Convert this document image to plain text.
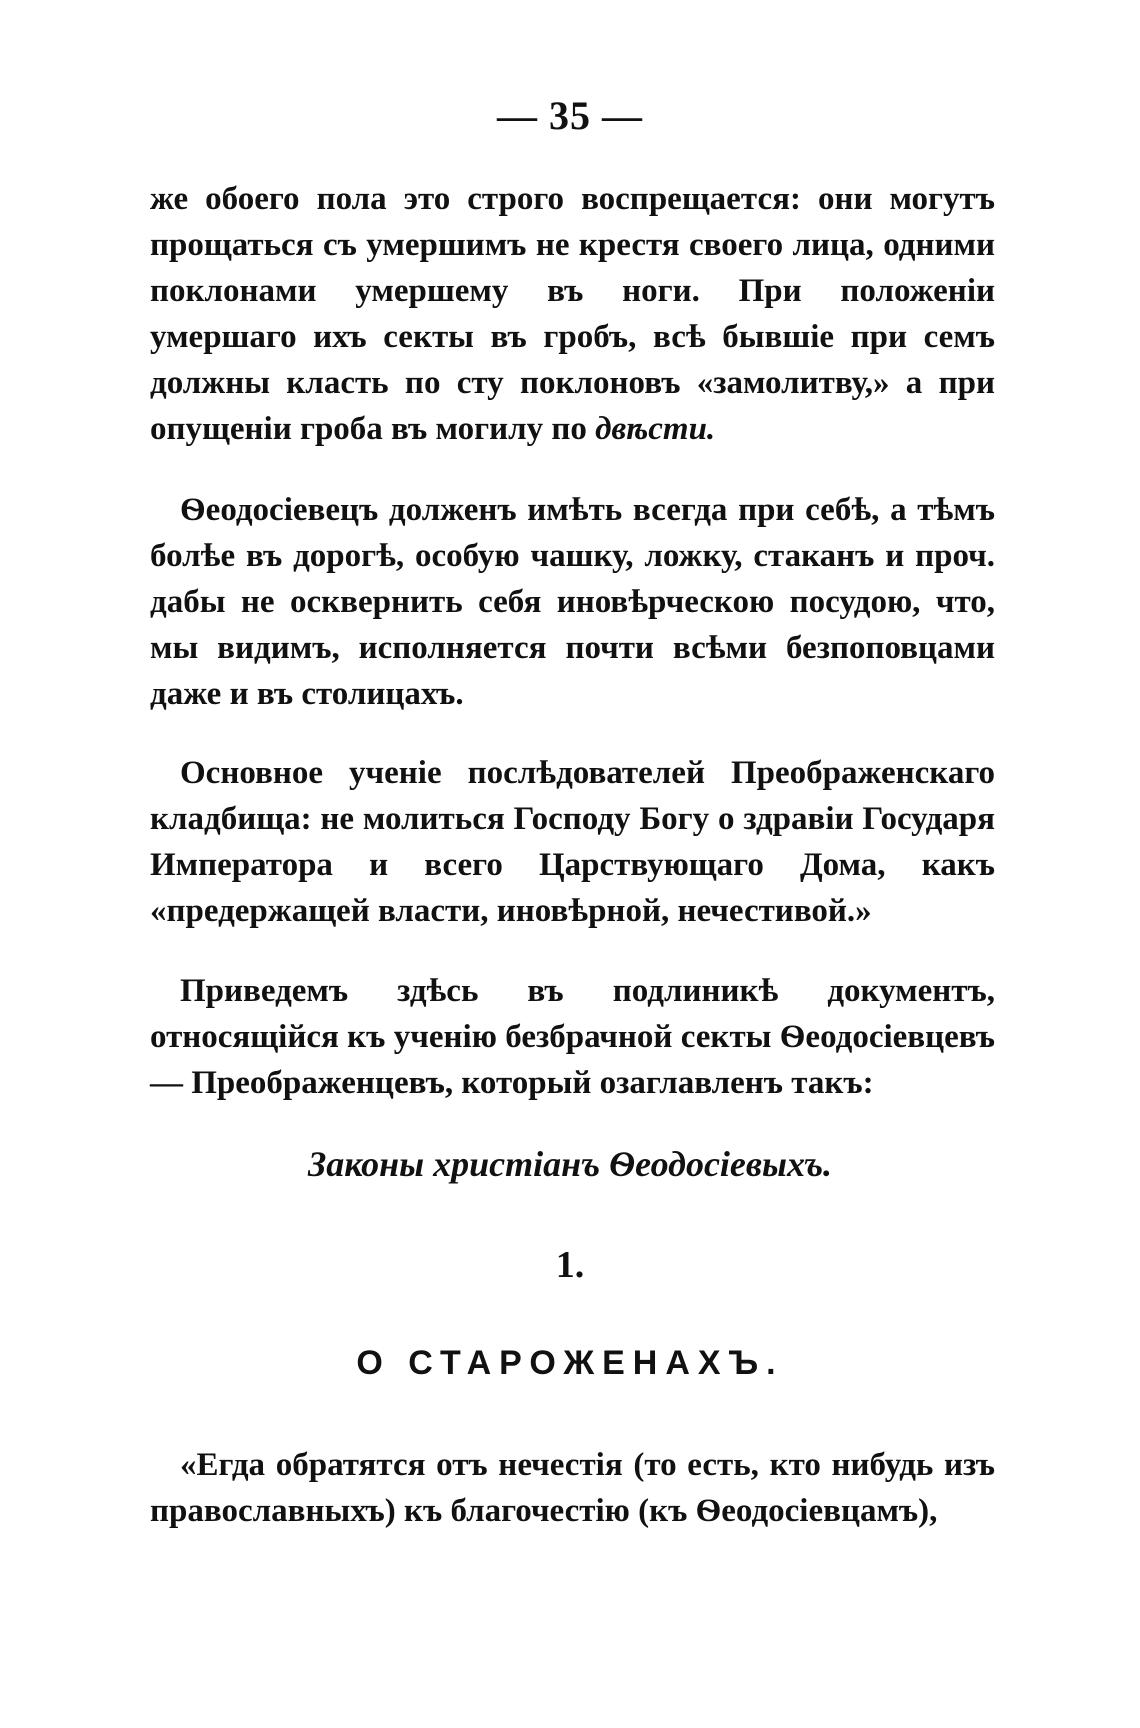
— 35 —

же обоего пола это строго воспрещается: они могутъ прощаться съ умершимъ не крестя своего лица, одними поклонами умершему въ ноги. При положеніи умершаго ихъ секты въ гробъ, всѣ бывшіе при семъ должны класть по сту поклоновъ «замолитву,» а при опущеніи гроба въ могилу по двѣсти.

Ѳеодосіевецъ долженъ имѣть всегда при себѣ, а тѣмъ болѣе въ дорогѣ, особую чашку, ложку, стаканъ и проч. дабы не осквернить себя иновѣрческою посудою, что, мы видимъ, исполняется почти всѣми безпоповцами даже и въ столицахъ.

Основное ученіе послѣдователей Преображенскаго кладбища: не молиться Господу Богу о здравіи Государя Императора и всего Царствующаго Дома, какъ «предержащей власти, иновѣрной, нечестивой.»

Приведемъ здѣсь въ подлиникѣ документъ, относящійся къ ученію безбрачной секты Ѳеодосіевцевъ — Преображенцевъ, который озаглавленъ такъ:

Законы христіанъ Ѳеодосіевыхъ.
1.
О СТАРОЖЕНАХЪ.

«Егда обратятся отъ нечестія (то есть, кто нибудь изъ православныхъ) къ благочестію (къ Ѳеодосіевцамъ),
